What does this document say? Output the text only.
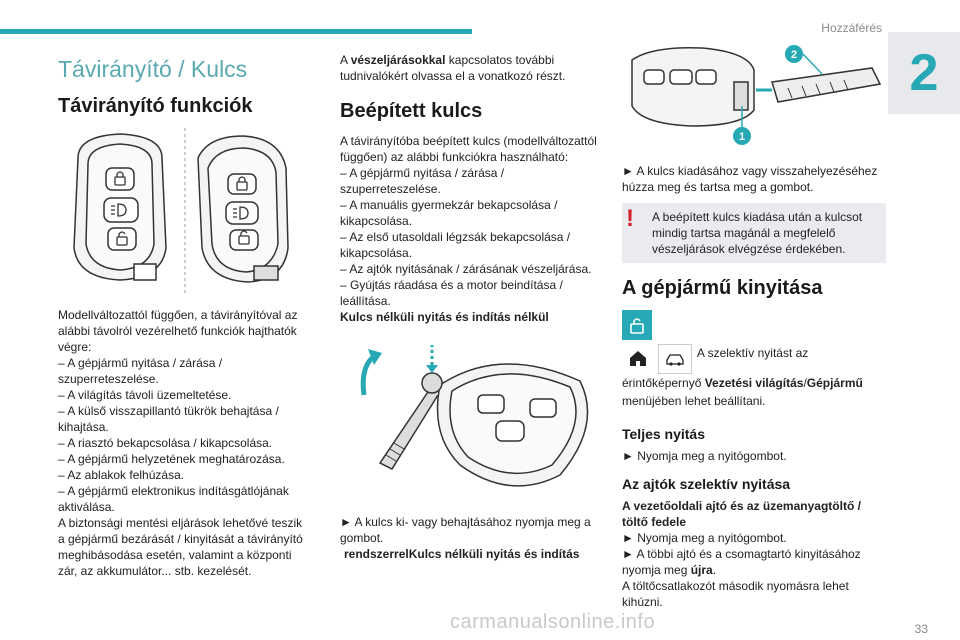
Hozzáférés
2
33
carmanualsonline.info
Távirányító / Kulcs
Távirányító funkciók

Modellváltozattól függően, a távirányítóval az alábbi távolról vezérelhető funkciók hajthatók végre:

– A gépjármű nyitása / zárása / szuperreteszelése.

– A világítás távoli üzemeltetése.

– A külső visszapillantó tükrök behajtása / kihajtása.

– A riasztó bekapcsolása / kikapcsolása.

– A gépjármű helyzetének meghatározása.

– Az ablakok felhúzása.

– A gépjármű elektronikus indításgátlójának aktiválása.

A biztonsági mentési eljárások lehetővé teszik a gépjármű bezárását / kinyitását a távirányító meghibásodása esetén, valamint a központi zár, az akkumulátor... stb. kezelését.

A vészeljárásokkal kapcsolatos további tudnivalókért olvassa el a vonatkozó részt.

Beépített kulcs

A távirányítóba beépített kulcs (modellváltozattól függően) az alábbi funkciókra használható:

– A gépjármű nyitása / zárása / szuperreteszelése.

– A manuális gyermekzár bekapcsolása / kikapcsolása.

– Az első utasoldali légzsák bekapcsolása / kikapcsolása.

– Az ajtók nyitásának / zárásának vészeljárása.

– Gyújtás ráadása és a motor beindítása / leállítása.

Kulcs nélküli nyitás és indítás nélkül

► A kulcs ki- vagy behajtásához nyomja meg a gombot.

rendszerrelKulcs nélküli nyitás és indítás

1
2

► A kulcs kiadásához vagy visszahelyezéséhez húzza meg és tartsa meg a gombot.

!	A beépített kulcs kiadása után a kulcsot mindig tartsa magánál a megfelelő vészeljárások elvégzése érdekében.
A gépjármű kinyitása

A szelektív nyitást az érintőképernyő Vezetési világítás/Gépjármű menüjében lehet beállítani.
Teljes nyitás

► Nyomja meg a nyitógombot.

Az ajtók szelektív nyitása

A vezetőoldali ajtó és az üzemanyagtöltő / töltő fedele

► Nyomja meg a nyitógombot.

► A többi ajtó és a csomagtartó kinyitásához nyomja meg újra.

A töltőcsatlakozót második nyomásra lehet kihúzni.
